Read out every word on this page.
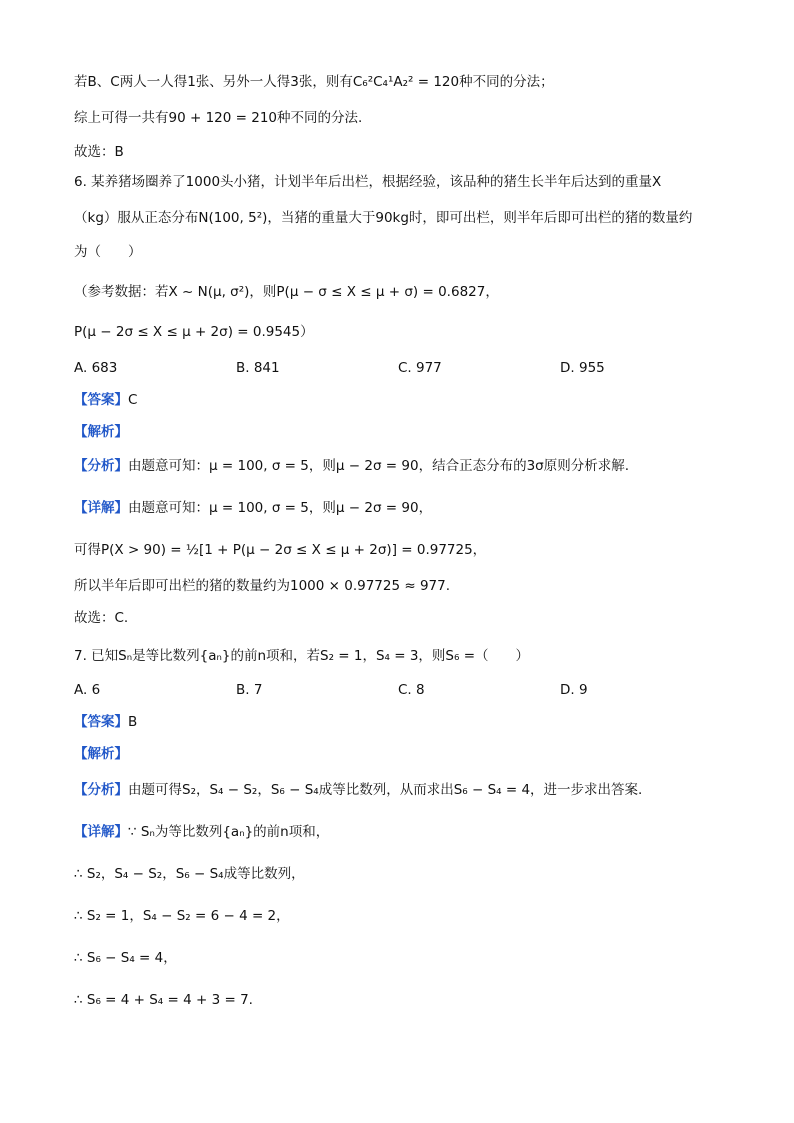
若B、C两人一人得1张、另外一人得3张，则有C₆²C₄¹A₂² = 120种不同的分法；
综上可得一共有90 + 120 = 210种不同的分法.
故选：B
6. 某养猪场圈养了1000头小猪，计划半年后出栏，根据经验，该品种的猪生长半年后达到的重量X
（kg）服从正态分布N(100, 5²)，当猪的重量大于90kg时，即可出栏，则半年后即可出栏的猪的数量约
为（　　）
（参考数据：若X ~ N(μ, σ²)，则P(μ − σ ≤ X ≤ μ + σ) = 0.6827，
P(μ − 2σ ≤ X ≤ μ + 2σ) = 0.9545）
A. 683	B. 841	C. 977	D. 955
【答案】C
【解析】
【分析】由题意可知：μ = 100, σ = 5，则μ − 2σ = 90，结合正态分布的3σ原则分析求解.
【详解】由题意可知：μ = 100, σ = 5，则μ − 2σ = 90，
可得P(X > 90) = ½[1 + P(μ − 2σ ≤ X ≤ μ + 2σ)] = 0.97725，
所以半年后即可出栏的猪的数量约为1000 × 0.97725 ≈ 977.
故选：C.
7. 已知Sₙ是等比数列{aₙ}的前n项和，若S₂ = 1，S₄ = 3，则S₆ =（　　）
A. 6	B. 7	C. 8	D. 9
【答案】B
【解析】
【分析】由题可得S₂，S₄ − S₂，S₆ − S₄成等比数列，从而求出S₆ − S₄ = 4，进一步求出答案.
【详解】∵ Sₙ为等比数列{aₙ}的前n项和，
∴ S₂，S₄ − S₂，S₆ − S₄成等比数列，
∴ S₂ = 1，S₄ − S₂ = 6 − 4 = 2，
∴ S₆ − S₄ = 4，
∴ S₆ = 4 + S₄ = 4 + 3 = 7.
